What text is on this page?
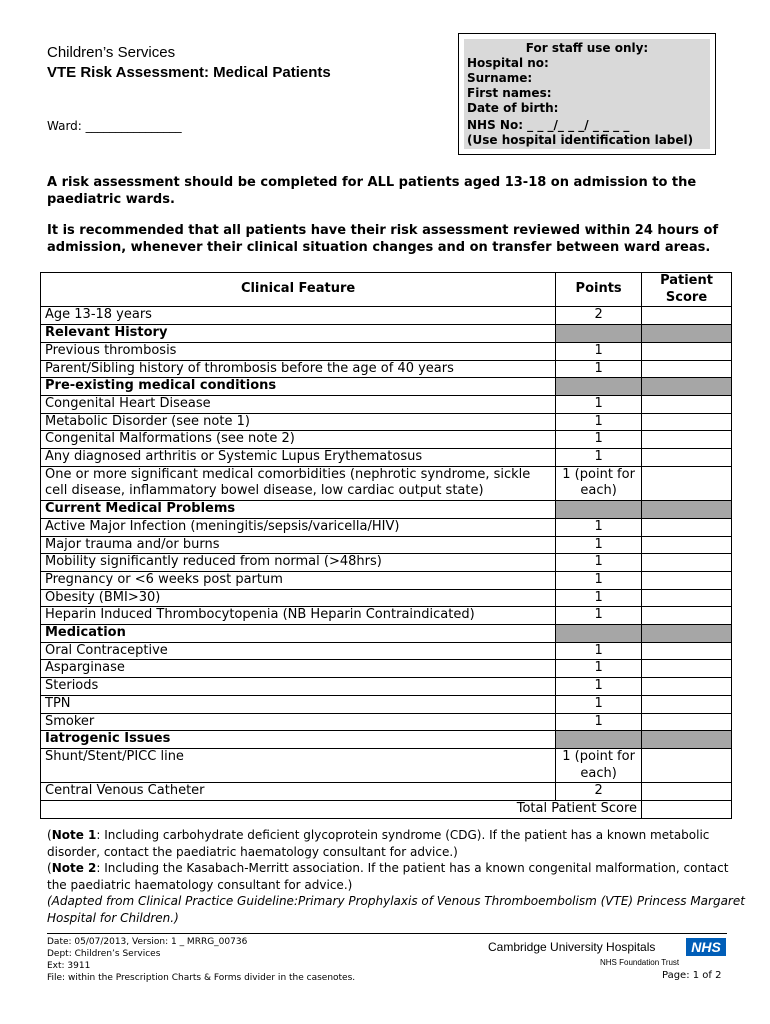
Children’s Services
VTE Risk Assessment: Medical Patients
Ward: ________________
For staff use only:
Hospital no:
Surname:
First names:
Date of birth:
NHS No: _ _ _/_ _ _/ _ _ _ _
(Use hospital identification label)
A risk assessment should be completed for ALL patients aged 13-18 on admission to the paediatric wards.
It is recommended that all patients have their risk assessment reviewed within 24 hours of admission, whenever their clinical situation changes and on transfer between ward areas.
Clinical Feature	Points	Patient Score
Age 13-18 years	2	
Relevant History		
Previous thrombosis	1	
Parent/Sibling history of thrombosis before the age of 40 years	1	
Pre-existing medical conditions		
Congenital Heart Disease	1	
Metabolic Disorder (see note 1)	1	
Congenital Malformations (see note 2)	1	
Any diagnosed arthritis or Systemic Lupus Erythematosus	1	
One or more significant medical comorbidities (nephrotic syndrome, sickle cell disease, inflammatory bowel disease, low cardiac output state)	1 (point for each)	
Current Medical Problems		
Active Major Infection (meningitis/sepsis/varicella/HIV)	1	
Major trauma and/or burns	1	
Mobility significantly reduced from normal (>48hrs)	1	
Pregnancy or <6 weeks post partum	1	
Obesity (BMI>30)	1	
Heparin Induced Thrombocytopenia (NB Heparin Contraindicated)	1	
Medication		
Oral Contraceptive	1	
Asparginase	1	
Steriods	1	
TPN	1	
Smoker	1	
Iatrogenic Issues		
Shunt/Stent/PICC line	1 (point for each)	
Central Venous Catheter	2	
Total Patient Score		
(Note 1: Including carbohydrate deficient glycoprotein syndrome (CDG). If the patient has a known metabolic disorder, contact the paediatric haematology consultant for advice.)
(Note 2: Including the Kasabach-Merritt association. If the patient has a known congenital malformation, contact the paediatric haematology consultant for advice.)
(Adapted from Clinical Practice Guideline:Primary Prophylaxis of Venous Thromboembolism (VTE) Princess Margaret Hospital for Children.)
Date: 05/07/2013, Version: 1 _ MRRG_00736
Dept: Children’s Services
Ext: 3911
File: within the Prescription Charts & Forms divider in the casenotes.
Cambridge University Hospitals	NHS
NHS Foundation Trust
Page: 1 of 2
